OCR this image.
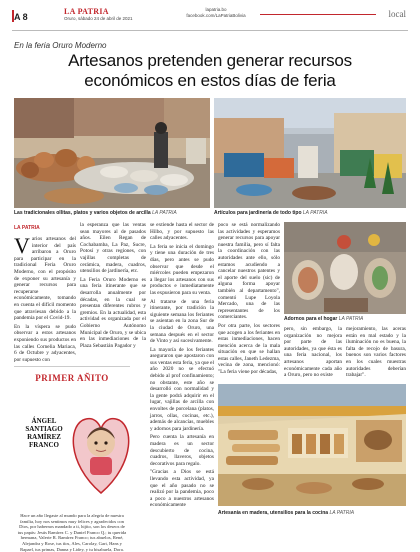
A 8
LA PATRIA
Oruro, sábado 24 de abril de 2021
lapatria.bo
facebook.com/LaPatriaBolivia	local
En la feria Oruro Moderno
Artesanos pretenden generar recursos económicos en estos días de feria
Las tradicionales ollitas, platos y varios objetos de arcilla LA PATRIA	Artículos para jardinería de todo tipo LA PATRIA
LA PATRIA
V arios artesanos del interior del país arribaron a Oruro para participar en la tradicional Feria Oruro Moderno, con el propósito de exponer su artesanía y generar recursos para recuperarse económicamente, tomando en cuenta el difícil momento que atraviesan debido a la pandemia por el Covid-19.

En la víspera se pudo observar a estos artesanos exponiendo sus productos en las calles Cornelia Mariaca, 6 de Octubre y adyacentes, por supuesto con

la esperanza que las ventas sean mayores al de pasados años. Eilen Regan de Cochabamba, La Paz, Sucre, Potosí y otras regiones, con vajillas completas de cerámica, madera, cuadros, utensilios de jardinería, etc.

La Feria Oruro Moderno es una feria itinerante que se desarrolla anualmente por décadas, en la cual se presentan diferentes rubros y gremios. En la actualidad, esta actividad es organizada por el Gobierno Autónomo Municipal de Oruro, y se ubica en las inmediaciones de la Plaza Sebastián Pagador y

se extiende hasta el sector de Hilbo, y por supuesto las calles adyacentes.

La feria se inicia el domingo y tiene una duración de tres días, pero antes se pudo observar que desde el miércoles pueden empezaron a llegar los artesanos con sus productos e inmediatamente las expusieron para su venta.

Al tratarse de una feria itinerante, por tradición la siguiente semana los feriantes se asientan en la zona Sur de la ciudad de Oruro, una semana después en el sector de Vinto y así sucesivamente.

La mayoría de los feriantes aseguraron que apostaron con sus ventas esta feria, ya que el año 2020 no se efectuó debido al prof confinamiento; no obstante, este año se desarrolló con normalidad y la gente podrá adquirir en el lugar, vajillas de arcilla con envoltes de porcelana (platos, jarros, ollas, cocinas, etc.), además de alcancías, muebles y adornos para jardinería.

Pero cuenta la artesanía en madera es un sector descubierto de cocina, cuadros, llaveros, objetos decorativos para regalo.

"Gracias a Dios se está llevando esta actividad, ya que el año pasado no se realizó por la pandemia, poco a poco a nuestros artesanos económicamente

poco se está normalizando las actividades y esperamos generar recursos para apoyar nuestra familia, pero sí falta la coordinación con las autoridades ante ello, sólo estamos acudiendo a cancelar nuestros patentes y el aporte del suelo (sic) de alguna forma apoyar también al departamento", comentó Lupe Loyola Mercado, una de las representantes de los comerciantes.

Por otra parte, los sectores que acogen a los feriantes en estas inmediaciones, hacen mención acerca de la mala situación en que se hallan estas calles, Janeth Ledezma, vecina de zona, mencionó: "La feria viene por décadas,

Adornos para el hogar LA PATRIA

pero, sin embargo, la organización no mejora por parte de las autoridades, ya que ésta es una feria nacional, los artesanos aportan económicamente cada año a Oruro, pero no existe

mejoramiento, las aceras están en mal estado y la iluminación no es buena, la falta de recojo de basura, buenos son varios factores en los cuales muestras autoridades deberían trabajar".

Artesanía en madera, utensilios para la cocina LA PATRIA
PRIMER AÑITO
ÁNGEL SANTIAGO RAMÍREZ FRANCO
Hace un año llegaste al mundo para la alegría de nuestra familia, hoy nos sentimos muy felices y agradecidos con Dios, por habernos mandado a ti, hijito, son los deseos de tus papás: Jesús Ramírez C. y Daniel Franco Q.; tu querida hermana, Valerie R. Ramírez Franco; tus abuelos, René, Alejandra y Rose, tus tíos, Ales, Carolay, Gari, Hans y Rapael, tus primas, Danna y Lidey, y tu bisabuela, Dora.
